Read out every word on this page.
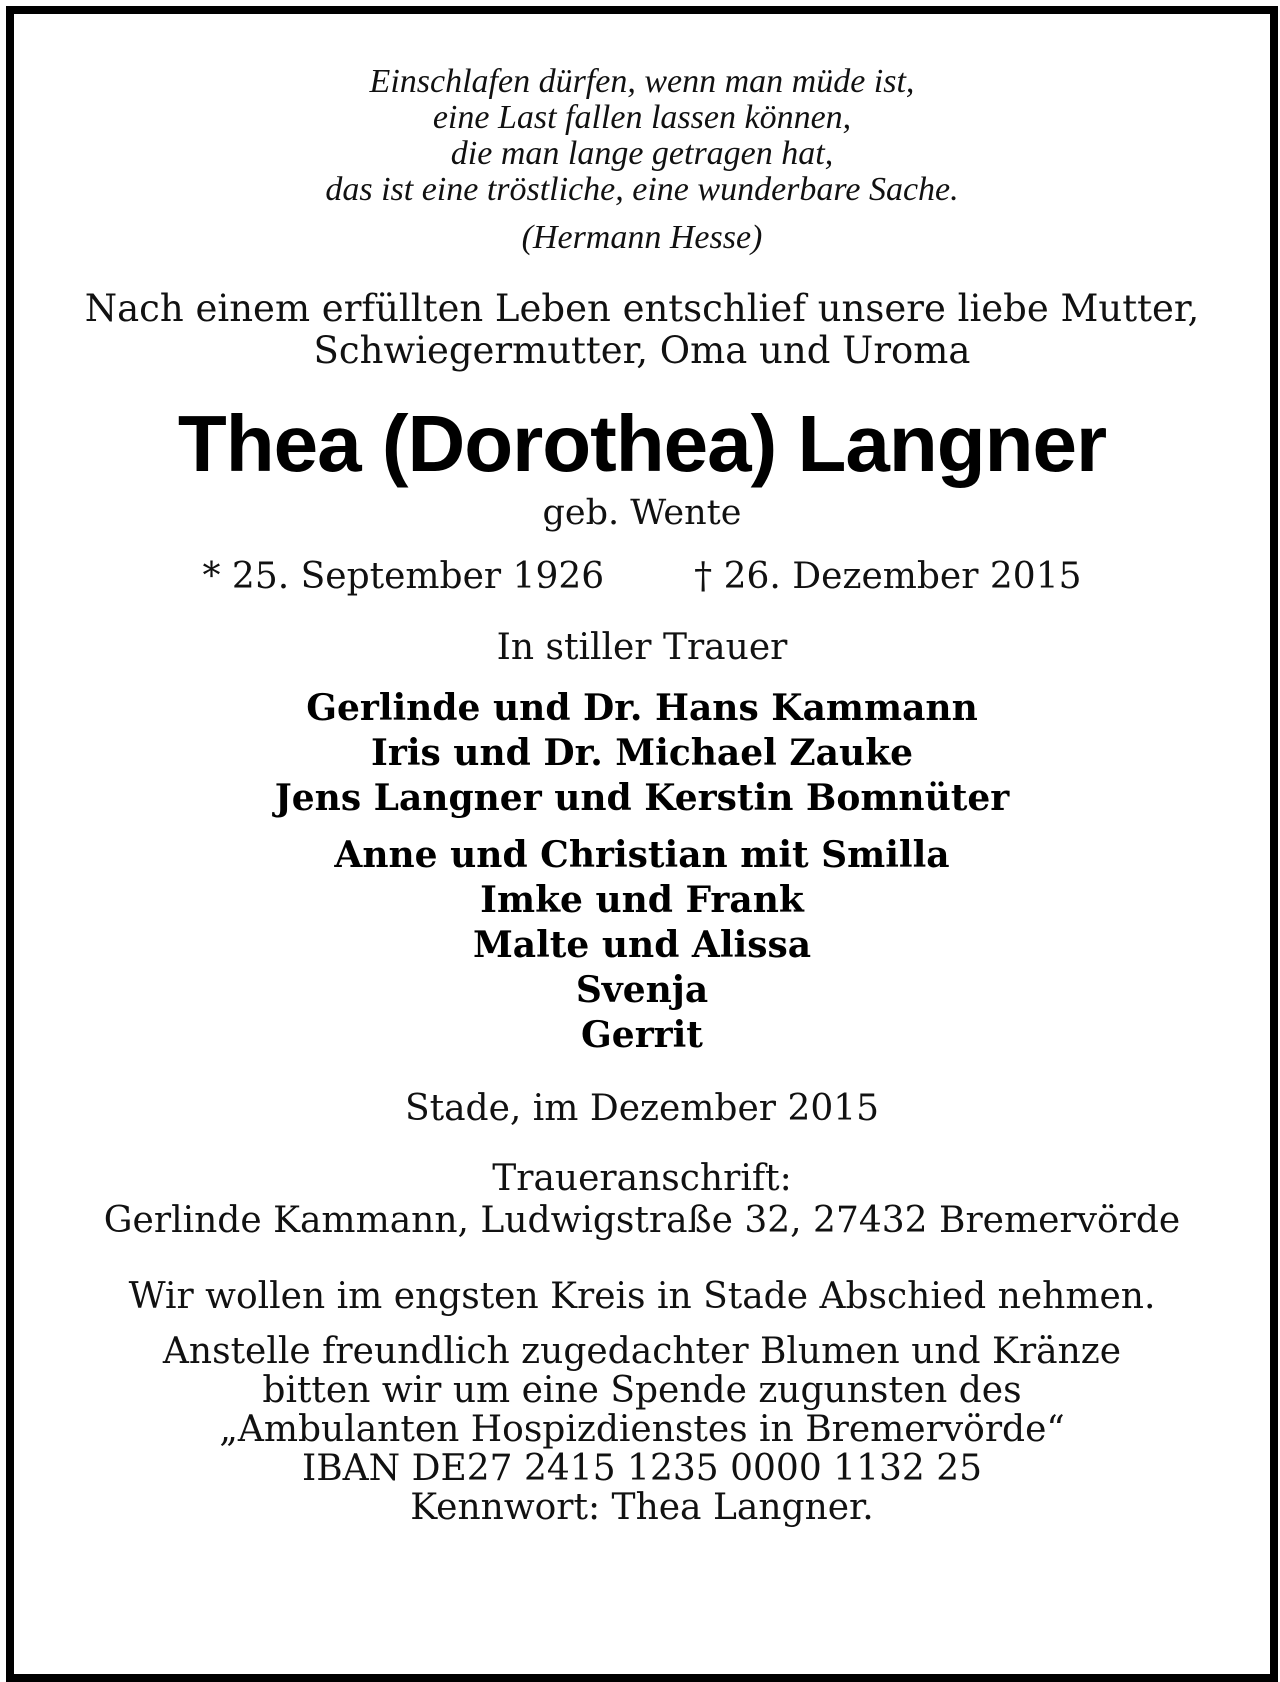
Einschlafen dürfen, wenn man müde ist,
eine Last fallen lassen können,
die man lange getragen hat,
das ist eine tröstliche, eine wunderbare Sache.
(Hermann Hesse)
Nach einem erfüllten Leben entschlief unsere liebe Mutter,
Schwiegermutter, Oma und Uroma
Thea (Dorothea) Langner
geb. Wente
* 25. September 1926	† 26. Dezember 2015
In stiller Trauer
Gerlinde und Dr. Hans Kammann
Iris und Dr. Michael Zauke
Jens Langner und Kerstin Bomnüter
Anne und Christian mit Smilla
Imke und Frank
Malte und Alissa
Svenja
Gerrit
Stade, im Dezember 2015
Traueranschrift:
Gerlinde Kammann, Ludwigstraße 32, 27432 Bremervörde
Wir wollen im engsten Kreis in Stade Abschied nehmen.
Anstelle freundlich zugedachter Blumen und Kränze
bitten wir um eine Spende zugunsten des
„Ambulanten Hospizdienstes in Bremervörde“
IBAN DE27 2415 1235 0000 1132 25
Kennwort: Thea Langner.
